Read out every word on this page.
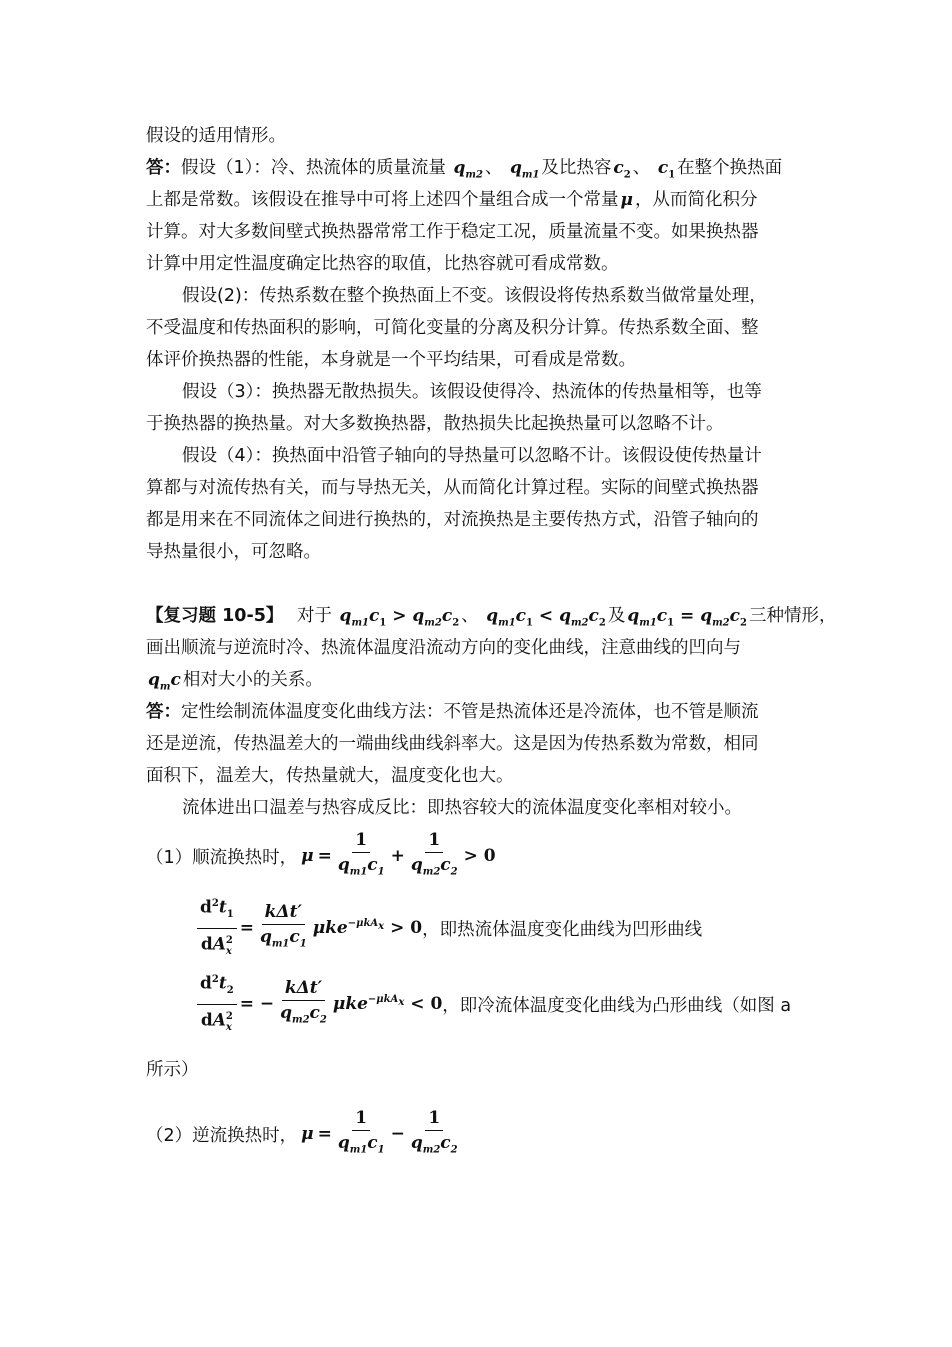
假设的适用情形。
答：假设（1）：冷、热流体的质量流量 $q_{m2}$ 、 $q_{m1}$ 及比热容 $c_2$ 、 $c_1$ 在整个换热面
上都是常数。该假设在推导中可将上述四个量组合成一个常量 μ ，从而简化积分
计算。对大多数间壁式换热器常常工作于稳定工况，质量流量不变。如果换热器
计算中用定性温度确定比热容的取值，比热容就可看成常数。
假设(2)：传热系数在整个换热面上不变。该假设将传热系数当做常量处理，
不受温度和传热面积的影响，可简化变量的分离及积分计算。传热系数全面、整
体评价换热器的性能，本身就是一个平均结果，可看成是常数。
假设（3）：换热器无散热损失。该假设使得冷、热流体的传热量相等，也等
于换热器的换热量。对大多数换热器，散热损失比起换热量可以忽略不计。
假设（4）：换热面中沿管子轴向的导热量可以忽略不计。该假设使传热量计
算都与对流传热有关，而与导热无关，从而简化计算过程。实际的间壁式换热器
都是用来在不同流体之间进行换热的，对流换热是主要传热方式，沿管子轴向的
导热量很小，可忽略。
【复习题 10-5】 对于 $q_{m1}c_1 > q_{m2}c_2$ 、 $q_{m1}c_1 < q_{m2}c_2$ 及 $q_{m1}c_1 = q_{m2}c_2$ 三种情形，
画出顺流与逆流时冷、热流体温度沿流动方向的变化曲线，注意曲线的凹向与
$q_mc$ 相对大小的关系。
答：定性绘制流体温度变化曲线方法：不管是热流体还是冷流体，也不管是顺流
还是逆流，传热温差大的一端曲线曲线斜率大。这是因为传热系数为常数，相同
面积下，温差大，传热量就大，温度变化也大。
流体进出口温差与热容成反比：即热容较大的流体温度变化率相对较小。
（1）顺流换热时， $\mu = \frac{1}{q_{m1}c_1} + \frac{1}{q_{m2}c_2} > 0$
$\frac{d^2t_1}{dA_x^2} = \frac{\text{kΔt′}}{q_{m1}c_1} \mu ke^{-\mu kA_x} > 0$ ，即热流体温度变化曲线为凹形曲线
$\frac{d^2t_2}{dA_x^2}$ = − $\frac{\text{kΔt′}}{q_{m2}c_2} \mu ke^{-\mu kA_x} < 0$ ，即冷流体温度变化曲线为凸形曲线（如图 a
所示）
（2）逆流换热时， $\mu = \frac{1}{q_{m1}c_1} - \frac{1}{q_{m2}c_2}$
